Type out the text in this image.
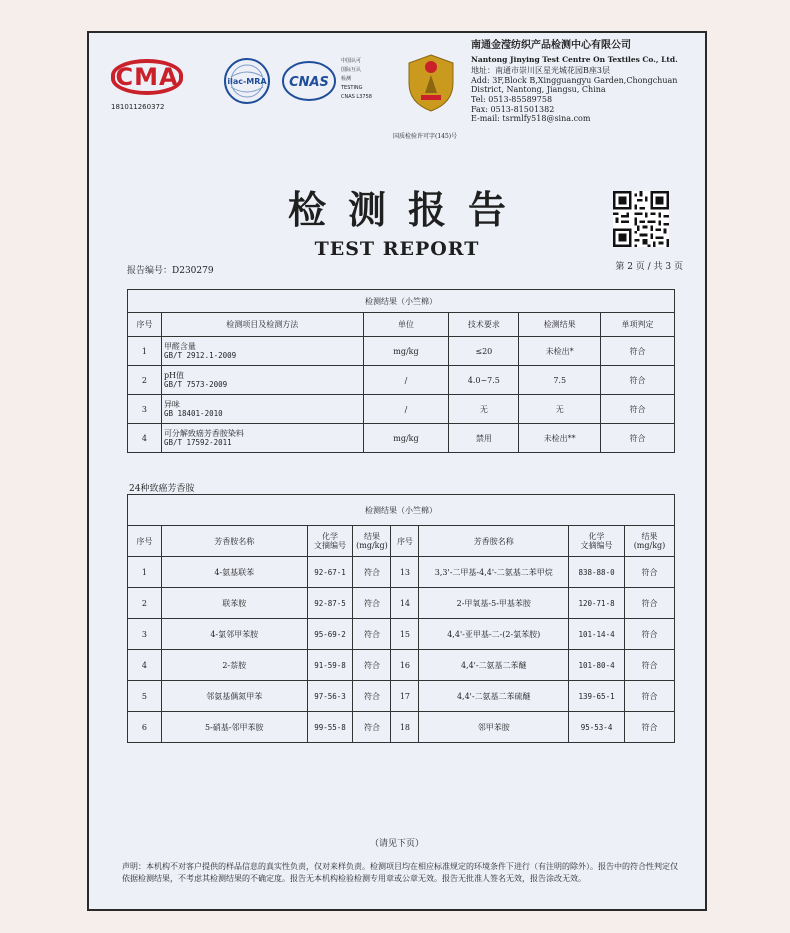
CMA
181011260372
ilac-MRA CNAS
中国认可
国际互认
检测
TESTING
CNAS L3758
国质检验许可字(145)号
南通金滢纺织产品检测中心有限公司
Nantong Jinying Test Centre On Textiles Co., Ltd.
地址：南通市崇川区星光城花园B座3层
Add: 3F,Block B,Xingguangyu Garden,Chongchuan
District, Nantong, Jiangsu, China
Tel: 0513-85589758
Fax: 0513-81501382
E-mail: tsrmlfy518@sina.com
检测报告
TEST REPORT
报告编号：D230279	第 2 页 / 共 3 页
检测结果（小竺棉）					
序号	检测项目及检测方法	单位	技术要求	检测结果	单项判定
1	甲醛含量
GB/T 2912.1-2009	mg/kg	≤20	未检出*	符合
2	pH值
GB/T 7573-2009	/	4.0~7.5	7.5	符合
3	异味
GB 18401-2010	/	无	无	符合
4	可分解致癌芳香胺染料
GB/T 17592-2011	mg/kg	禁用	未检出**	符合
24种致癌芳香胺
检测结果（小竺棉）							
序号	芳香胺名称	化学
文摘编号	结果
(mg/kg)	序号	芳香胺名称	化学
文摘编号	结果
(mg/kg)
1	4-氨基联苯	92-67-1	符合	13	3,3'-二甲基-4,4'-二氨基二苯甲烷	838-88-0	符合
2	联苯胺	92-87-5	符合	14	2-甲氧基-5-甲基苯胺	120-71-8	符合
3	4-氯邻甲苯胺	95-69-2	符合	15	4,4'-亚甲基-二-(2-氯苯胺)	101-14-4	符合
4	2-萘胺	91-59-8	符合	16	4,4'-二氨基二苯醚	101-80-4	符合
5	邻氨基偶氮甲苯	97-56-3	符合	17	4,4'-二氨基二苯硫醚	139-65-1	符合
6	5-硝基-邻甲苯胺	99-55-8	符合	18	邻甲苯胺	95-53-4	符合
（请见下页）
声明：本机构不对客户提供的样品信息的真实性负责，仅对来样负责。检测项目均在相应标准规定的环境条件下进行（有注明的除外）。报告中的符合性判定仅依据检测结果，不考虑其检测结果的不确定度。报告无本机构检验检测专用章或公章无效。报告无批准人签名无效，报告涂改无效。
